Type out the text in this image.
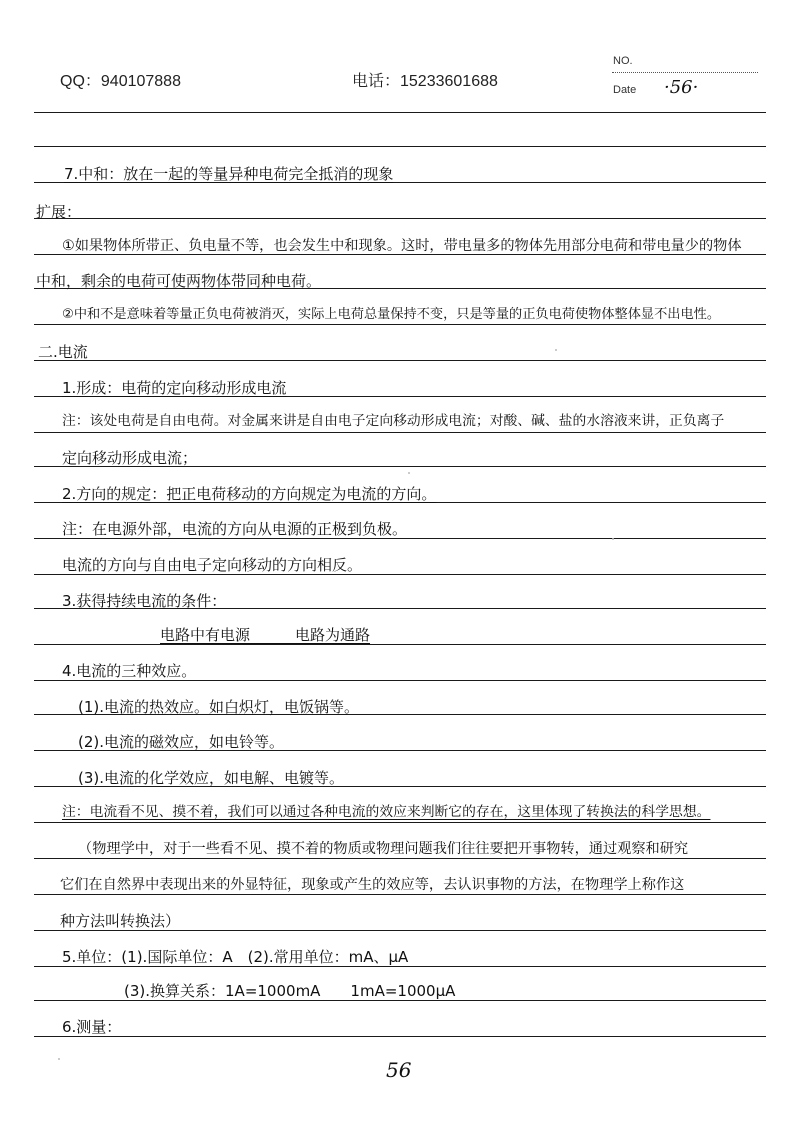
QQ：940107888	电话：15233601688
NO.
Date ·56·
7.中和：放在一起的等量异种电荷完全抵消的现象
扩展：
①如果物体所带正、负电量不等，也会发生中和现象。这时，带电量多的物体先用部分电荷和带电量少的物体
中和，剩余的电荷可使两物体带同种电荷。
②中和不是意味着等量正负电荷被消灭，实际上电荷总量保持不变，只是等量的正负电荷使物体整体显不出电性。
二.电流
1.形成：电荷的定向移动形成电流
注：该处电荷是自由电荷。对金属来讲是自由电子定向移动形成电流；对酸、碱、盐的水溶液来讲，正负离子
定向移动形成电流；
2.方向的规定：把正电荷移动的方向规定为电流的方向。
注：在电源外部，电流的方向从电源的正极到负极。
电流的方向与自由电子定向移动的方向相反。
3.获得持续电流的条件：
电路中有电源　　　电路为通路
4.电流的三种效应。
(1).电流的热效应。如白炽灯，电饭锅等。
(2).电流的磁效应，如电铃等。
(3).电流的化学效应，如电解、电镀等。
注：电流看不见、摸不着，我们可以通过各种电流的效应来判断它的存在，这里体现了转换法的科学思想。
（物理学中，对于一些看不见、摸不着的物质或物理问题我们往往要把开事物转，通过观察和研究
它们在自然界中表现出来的外显特征，现象或产生的效应等，去认识事物的方法，在物理学上称作这
种方法叫转换法）
5.单位：(1).国际单位：A　(2).常用单位：mA、μA
(3).换算关系：1A=1000mA　　1mA=1000μA
6.测量：
56
